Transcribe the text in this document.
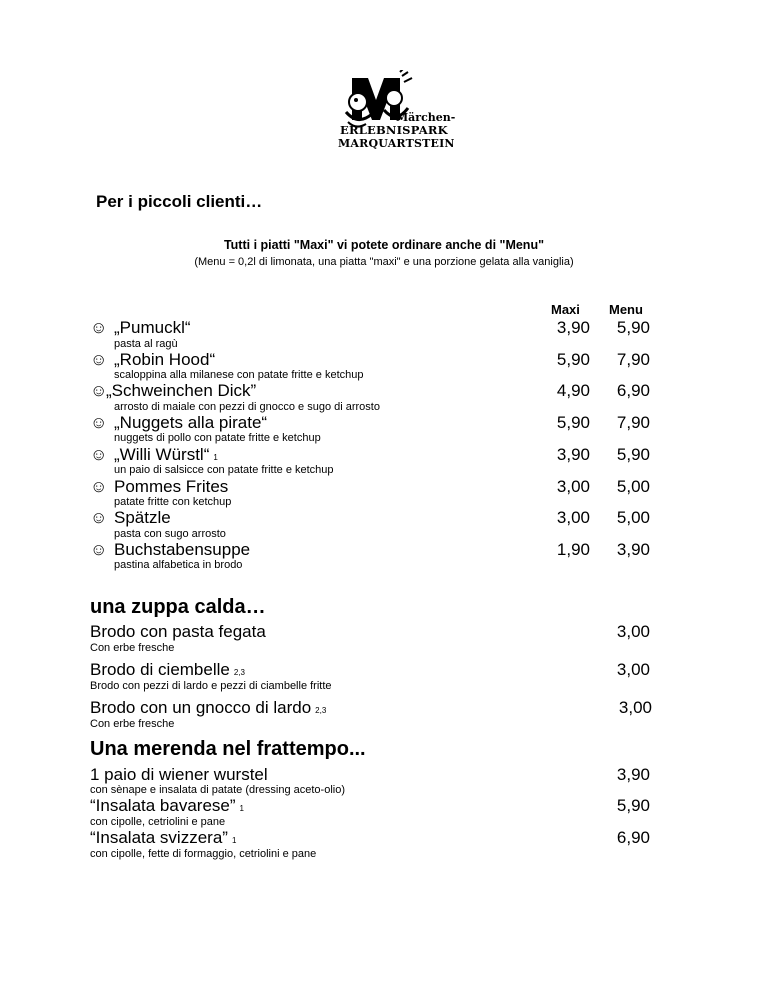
Märchen-
ERLEBNISPARK
MARQUARTSTEIN
Per i piccoli clienti…
Tutti i piatti "Maxi" vi potete ordinare anche di "Menu"
(Menu = 0,2l di limonata, una piatta "maxi" e una porzione gelata alla vaniglia)
Maxi Menu
☺ „Pumuckl“
pasta al ragù
3,90	5,90
☺ „Robin Hood“
scaloppina alla milanese con patate fritte e ketchup
5,90	7,90
☺
„Schweinchen Dick”
arrosto di maiale con pezzi di gnocco e sugo di arrosto
4,90	6,90
☺ „Nuggets alla pirate“
nuggets di pollo con patate fritte e ketchup
5,90	7,90
☺ „Willi Würstl“ 1
un paio di salsicce con patate fritte e ketchup
3,90	5,90
☺ Pommes Frites
patate fritte con ketchup
3,00	5,00
☺ Spätzle
pasta con sugo arrosto
3,00	5,00
☺ Buchstabensuppe
pastina alfabetica in brodo
1,90	3,90
una zuppa calda…
Brodo con pasta fegata
Con erbe fresche
3,00
Brodo di ciembelle 2,3
Brodo con pezzi di lardo e pezzi di ciambelle fritte
3,00
Brodo con un gnocco di lardo 2,3
Con erbe fresche
3,00
Una merenda nel frattempo...
1 paio di wiener wurstel
con sènape e insalata di patate (dressing aceto-olio)
3,90
“Insalata bavarese” 1
con cipolle, cetriolini e pane
5,90
“Insalata svizzera” 1
con cipolle, fette di formaggio, cetriolini e pane
6,90
